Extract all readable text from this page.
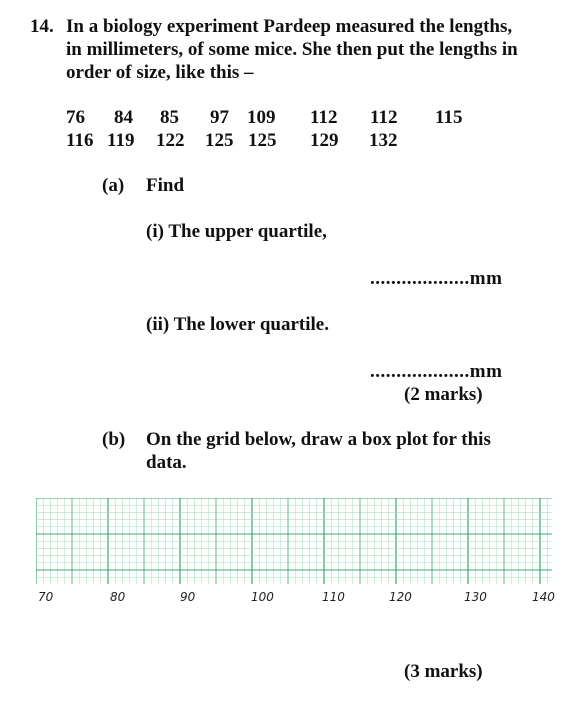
14. In a biology experiment Pardeep measured the lengths,
in millimeters, of some mice. She then put the lengths in
order of size, like this –
76 84 85 97 109 112 112 115
116 119 122 125 125 129 132
(a) Find
(i) The upper quartile,
...................mm
(ii) The lower quartile.
...................mm
(2 marks)
(b) On the grid below, draw a box plot for this
data.
70	80	90	100	110	120	130	140
(3 marks)
